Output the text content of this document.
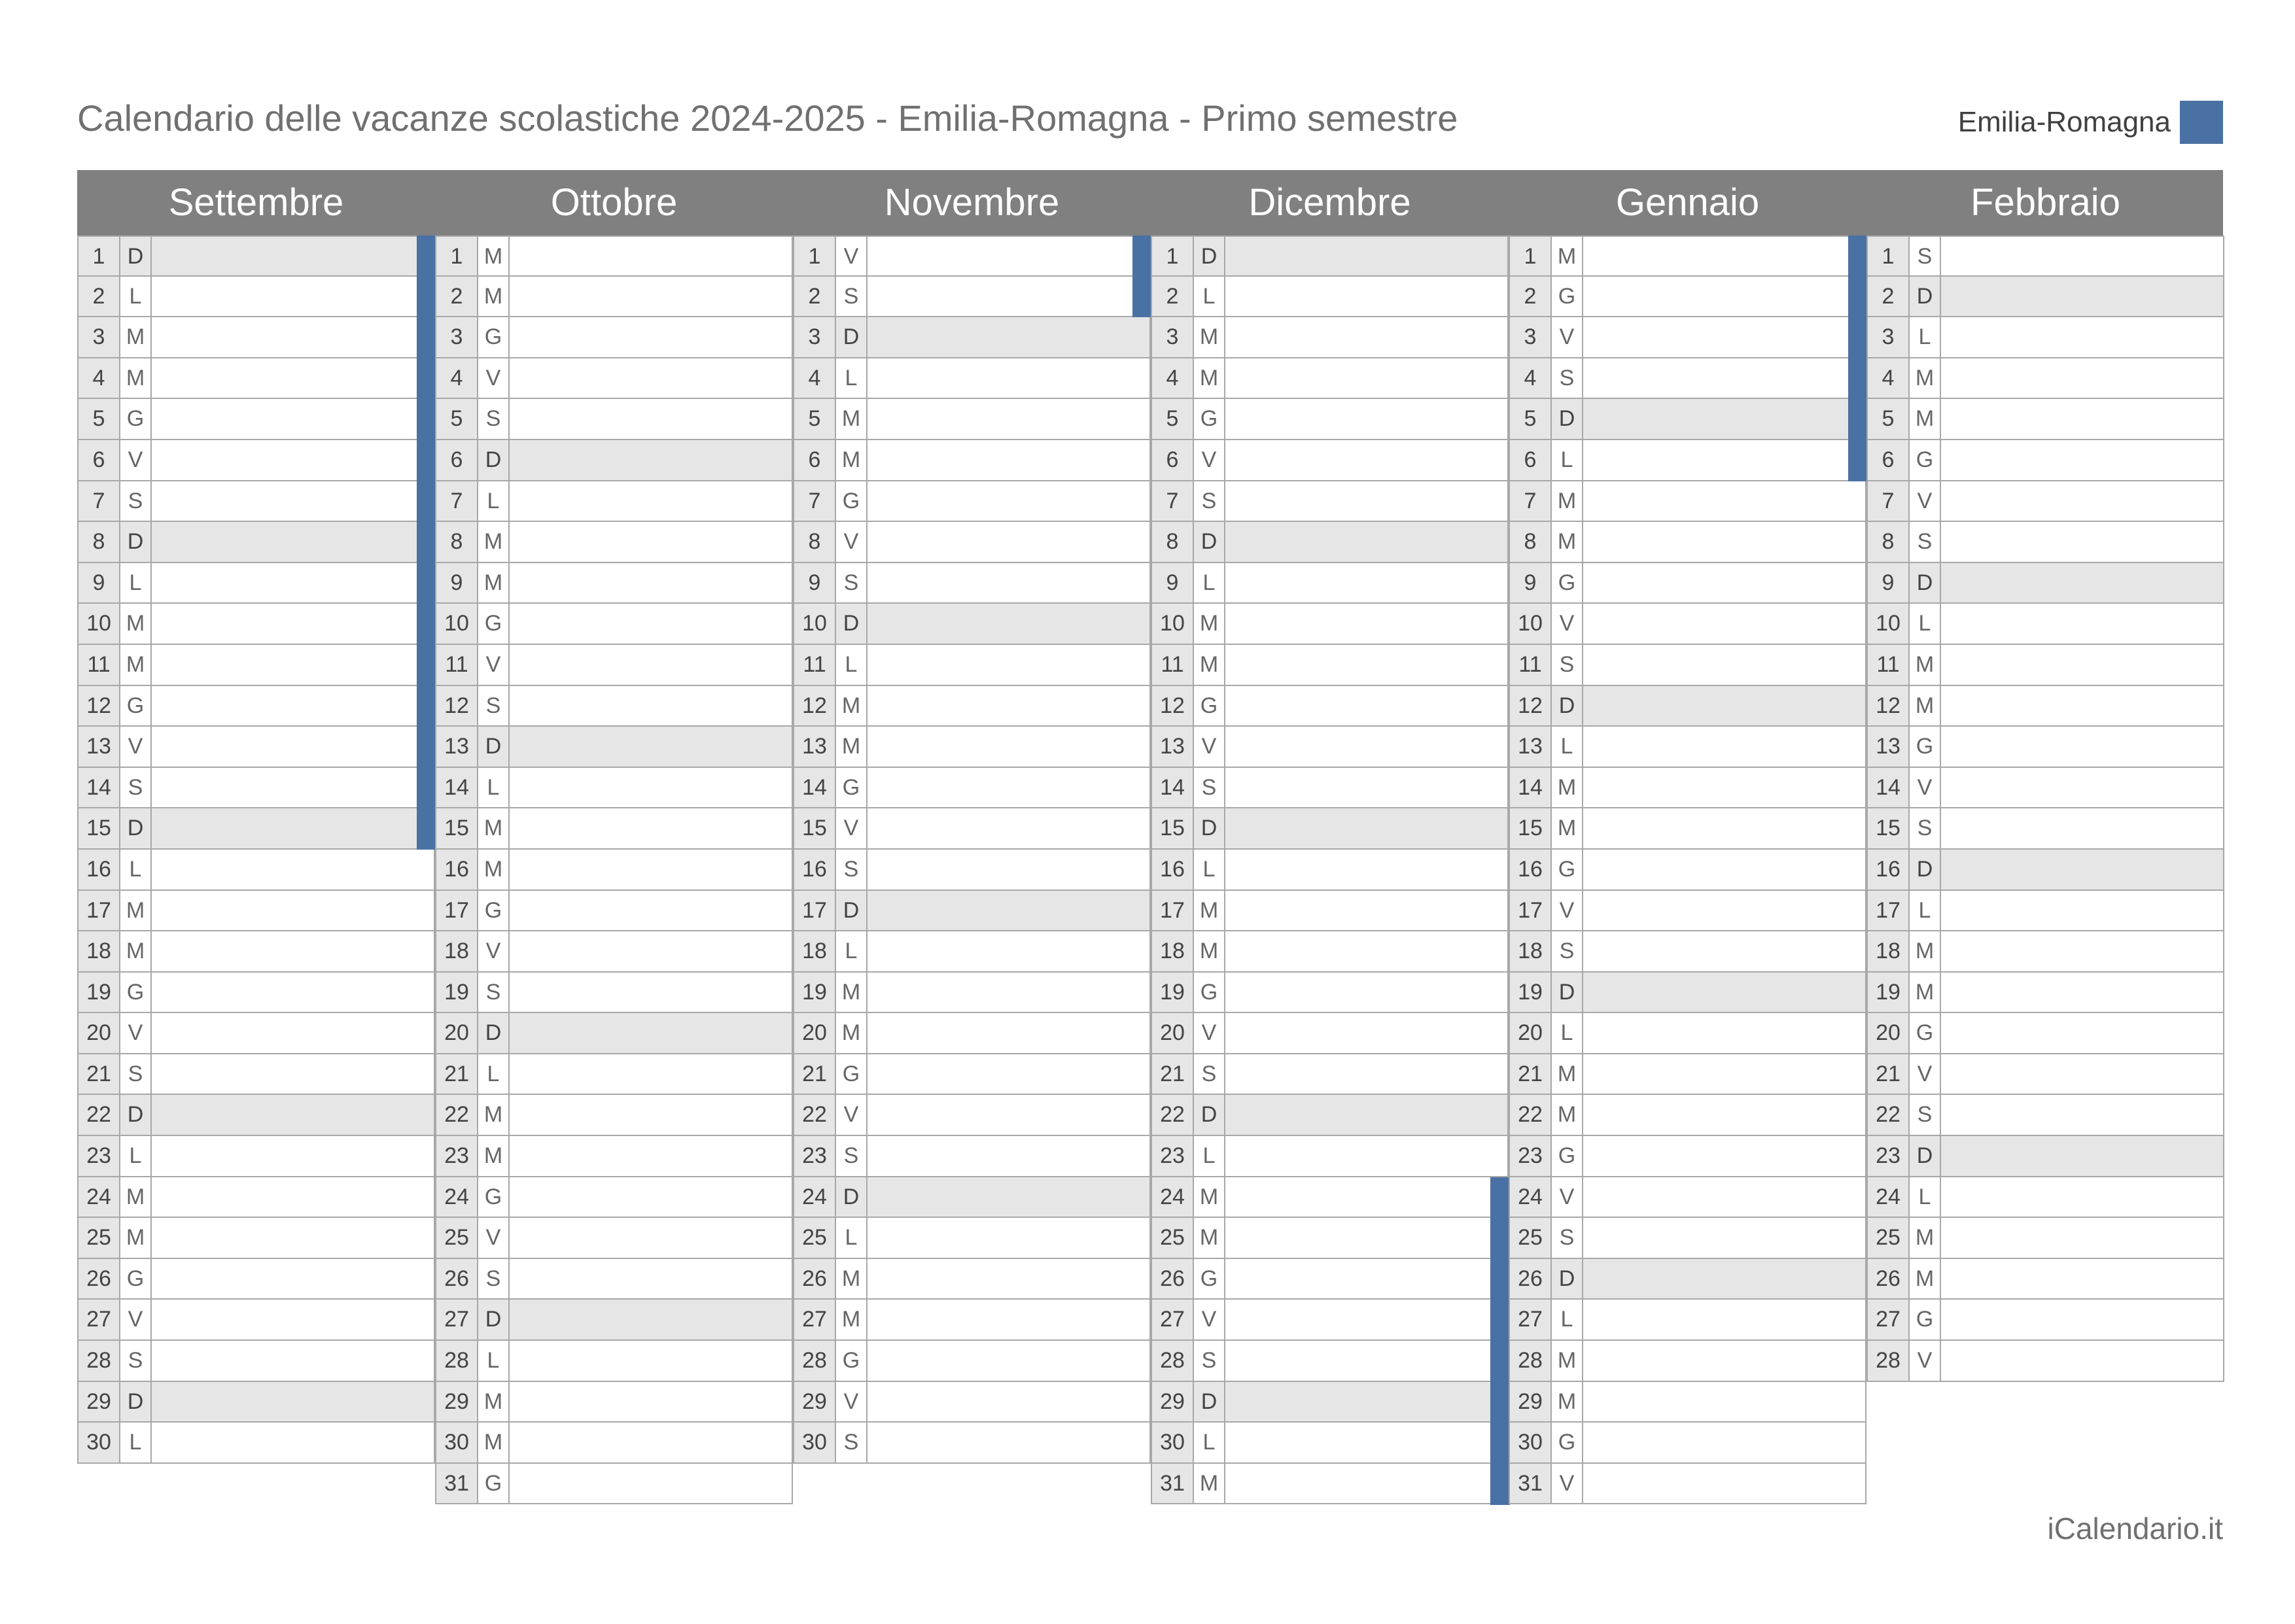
Calendario delle vacanze scolastiche 2024-2025 - Emilia-Romagna - Primo semestre	Emilia-Romagna
Settembre
1	D
2	L
3 M
4 M
5 G
6	V
7	S
8	D
9	L
10 M
11 M
12 G
13 V
14 S
15 D
16 L
17 M
18 M
19 G
20 V
21 S
22 D
23 L
24 M
25 M
26 G
27 V
28 S
29 D
30 L
Ottobre
1 M
2 M
3 G
4	V
5	S
6	D
7	L
8 M
9 M
10 G
11 V
12 S
13 D
14 L
15 M
16 M
17 G
18 V
19 S
20 D
21 L
22 M
23 M
24 G
25 V
26 S
27 D
28 L
29 M
30 M
31 G
Novembre
1	V
2	S
3	D
4	L
5 M
6 M
7 G
8	V
9	S
10 D
11 L
12 M
13 M
14 G
15 V
16 S
17 D
18 L
19 M
20 M
21 G
22 V
23 S
24 D
25 L
26 M
27 M
28 G
29 V
30 S
Dicembre
1	D
2	L
3 M
4 M
5 G
6	V
7	S
8	D
9	L
10 M
11 M
12 G
13 V
14 S
15 D
16 L
17 M
18 M
19 G
20 V
21 S
22 D
23 L
24 M
25 M
26 G
27 V
28 S
29 D
30 L
31 M
Gennaio
1 M
2 G
3	V
4	S
5	D
6	L
7 M
8 M
9 G
10 V
11 S
12 D
13 L
14 M
15 M
16 G
17 V
18 S
19 D
20 L
21 M
22 M
23 G
24 V
25 S
26 D
27 L
28 M
29 M
30 G
31 V
Febbraio
1	S
2	D
3	L
4 M
5 M
6 G
7	V
8	S
9	D
10 L
11 M
12 M
13 G
14 V
15 S
16 D
17 L
18 M
19 M
20 G
21 V
22 S
23 D
24 L
25 M
26 M
27 G
28 V
iCalendario.it
